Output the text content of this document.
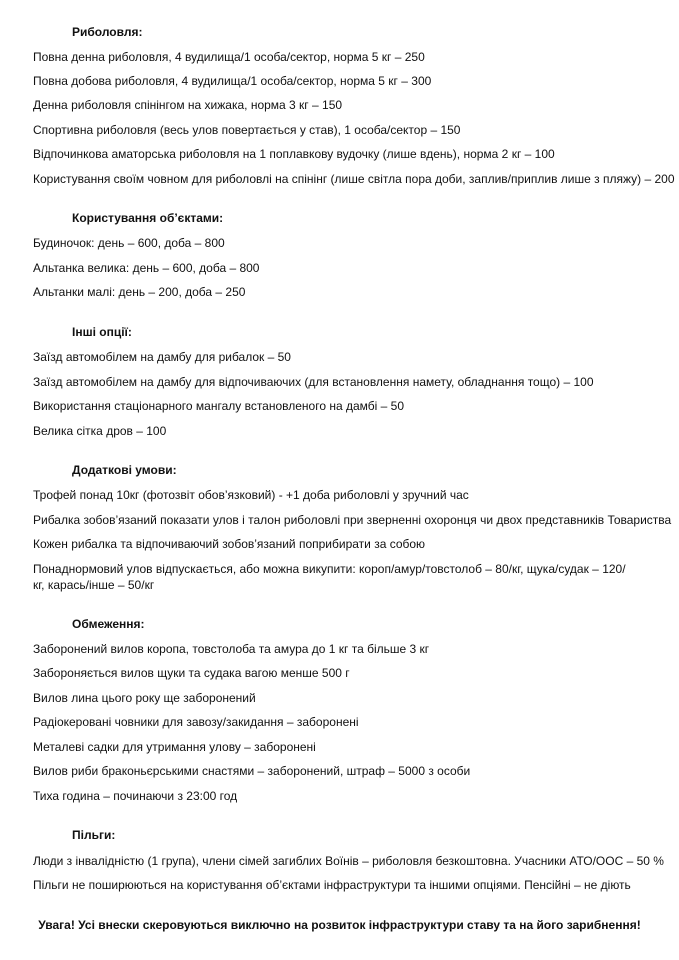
Риболовля:
Повна денна риболовля, 4 вудилища/1 особа/сектор, норма 5 кг – 250
Повна добова риболовля, 4 вудилища/1 особа/сектор, норма 5 кг – 300
Денна риболовля спінінгом на хижака, норма 3 кг – 150
Спортивна риболовля (весь улов повертається у став), 1 особа/сектор – 150
Відпочинкова аматорська риболовля на 1 поплавкову вудочку (лише вдень), норма 2 кг – 100
Користування своїм човном для риболовлі на спінінг (лише світла пора доби, заплив/приплив лише з пляжу) – 200
Користування об’єктами:
Будиночок: день – 600, доба – 800
Альтанка велика: день – 600, доба – 800
Альтанки малі: день – 200, доба – 250
Інші опції:
Заїзд автомобілем на дамбу для рибалок – 50
Заїзд автомобілем на дамбу для відпочиваючих (для встановлення намету, обладнання тощо) – 100
Використання стаціонарного мангалу встановленого на дамбі – 50
Велика сітка дров – 100
Додаткові умови:
Трофей понад 10кг (фотозвіт обов’язковий) - +1 доба риболовлі у зручний час
Рибалка зобов’язаний показати улов і талон риболовлі при зверненні охоронця чи двох представників Товариства
Кожен рибалка та відпочиваючий зобов’язаний поприбирати за собою
Понаднормовий улов відпускається, або можна викупити: короп/амур/товстолоб – 80/кг, щука/судак – 120/кг, карась/інше – 50/кг
Обмеження:
Заборонений вилов коропа, товстолоба та амура до 1 кг та більше 3 кг
Забороняється вилов щуки та судака вагою менше 500 г
Вилов лина цього року ще заборонений
Радіокеровані човники для завозу/закидання – заборонені
Металеві садки для утримання улову – заборонені
Вилов риби браконьєрськими снастями – заборонений, штраф – 5000 з особи
Тиха година – починаючи з 23:00 год
Пільги:
Люди з інвалідністю (1 група), члени сімей загиблих Воїнів – риболовля безкоштовна. Учасники АТО/ООС – 50 %
Пільги не поширюються на користування об’єктами інфраструктури та іншими опціями. Пенсійні – не діють
Увага! Усі внески скеровуються виключно на розвиток інфраструктури ставу та на його зарибнення!
